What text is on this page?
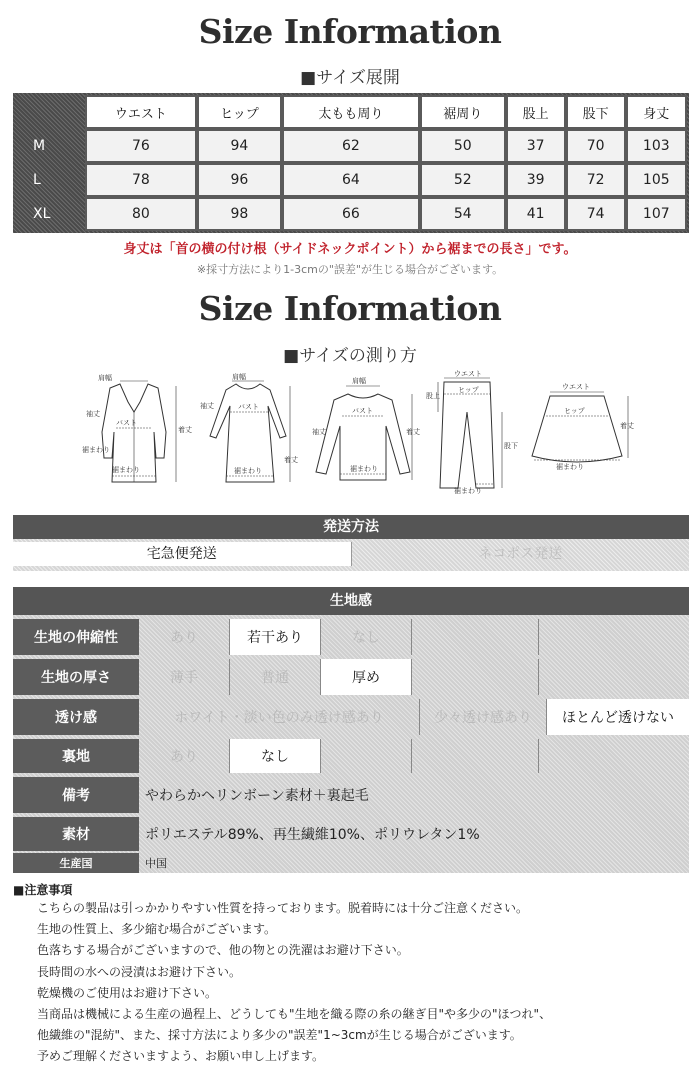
Size Information
■サイズ展開
	ウエスト	ヒップ	太もも周り	裾周り	股上	股下	身丈
M	76	94	62	50	37	70	103
L	78	96	64	52	39	72	105
XL	80	98	66	54	41	74	107
身丈は「首の横の付け根（サイドネックポイント）から裾までの長さ」です。
※採寸方法により1-3cmの"誤差"が生じる場合がございます。
Size Information
■サイズの測り方
肩幅
袖丈
バスト
着丈
裾まわり
裾まわり
肩幅
袖丈	バスト
着丈
裾まわり
肩幅
袖丈
バスト
着丈
裾まわり
ウエスト
ヒップ
股上
股下
裾まわり
ウエスト
ヒップ
着丈
裾まわり
発送方法
宅急便発送	ネコポス発送
生地感
生地の伸縮性	あり	若干あり	なし
生地の厚さ	薄手	普通	厚め
透け感	ホワイト・淡い色のみ透け感あり	少々透け感あり	ほとんど透けない
裏地	あり	なし
備考	やわらかヘリンボーン素材＋裏起毛
素材	ポリエステル89%、再生繊維10%、ポリウレタン1%
生産国	中国
■注意事項

こちらの製品は引っかかりやすい性質を持っております。脱着時には十分ご注意ください。

生地の性質上、多少縮む場合がございます。

色落ちする場合がございますので、他の物との洗濯はお避け下さい。

長時間の水への浸漬はお避け下さい。

乾燥機のご使用はお避け下さい。

当商品は機械による生産の過程上、どうしても"生地を織る際の糸の継ぎ目"や多少の"ほつれ"、

他繊維の"混紡"、また、採寸方法により多少の"誤差"1~3cmが生じる場合がございます。

予めご理解くださいますよう、お願い申し上げます。
